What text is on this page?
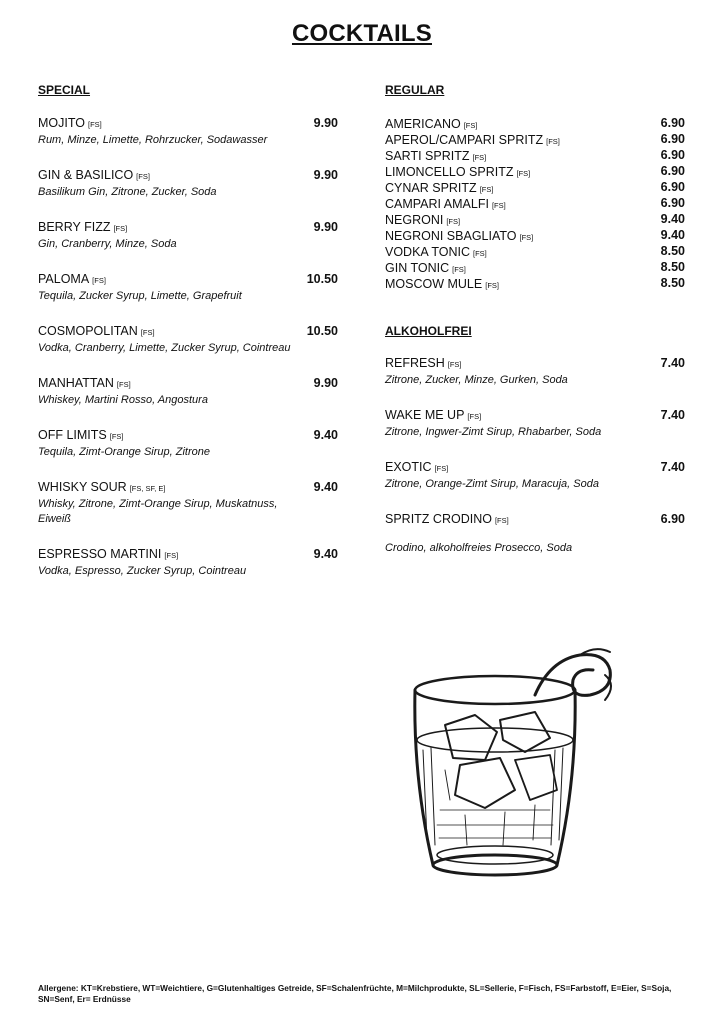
COCKTAILS
SPECIAL	REGULAR
ALKOHOLFREI
MOJITO [FS]	9.90
Rum, Minze, Limette, Rohrzucker, Sodawasser
GIN & BASILICO [FS]	9.90
Basilikum Gin, Zitrone, Zucker, Soda
BERRY FIZZ [FS]	9.90
Gin, Cranberry, Minze, Soda
PALOMA [FS]	10.50
Tequila, Zucker Syrup, Limette, Grapefruit
COSMOPOLITAN [FS]	10.50
Vodka, Cranberry, Limette, Zucker Syrup, Cointreau
MANHATTAN [FS]	9.90
Whiskey, Martini Rosso, Angostura
OFF LIMITS [FS]	9.40
Tequila, Zimt-Orange Sirup, Zitrone
WHISKY SOUR [FS, SF, E]	9.40
Whisky, Zitrone, Zimt-Orange Sirup, Muskatnuss, Eiweiß
ESPRESSO MARTINI [FS]	9.40
Vodka, Espresso, Zucker Syrup, Cointreau
AMERICANO [FS]	6.90
APEROL/CAMPARI SPRITZ [FS]	6.90
SARTI SPRITZ [FS]	6.90
LIMONCELLO SPRITZ [FS]	6.90
CYNAR SPRITZ [FS]	6.90
CAMPARI AMALFI [FS]	6.90
NEGRONI [FS]	9.40
NEGRONI SBAGLIATO [FS]	9.40
VODKA TONIC [FS]	8.50
GIN TONIC [FS]	8.50
MOSCOW MULE [FS]	8.50
REFRESH [FS]	7.40
Zitrone, Zucker, Minze, Gurken, Soda
WAKE ME UP [FS]	7.40
Zitrone, Ingwer-Zimt Sirup, Rhabarber, Soda
EXOTIC [FS]	7.40
Zitrone, Orange-Zimt Sirup, Maracuja, Soda
SPRITZ CRODINO [FS]	6.90
Crodino, alkoholfreies Prosecco, Soda
Allergene: KT=Krebstiere, WT=Weichtiere, G=Glutenhaltiges Getreide, SF=Schalenfrüchte, M=Milchprodukte, SL=Sellerie, F=Fisch, FS=Farbstoff, E=Eier, S=Soja, SN=Senf, Er= Erdnüsse
